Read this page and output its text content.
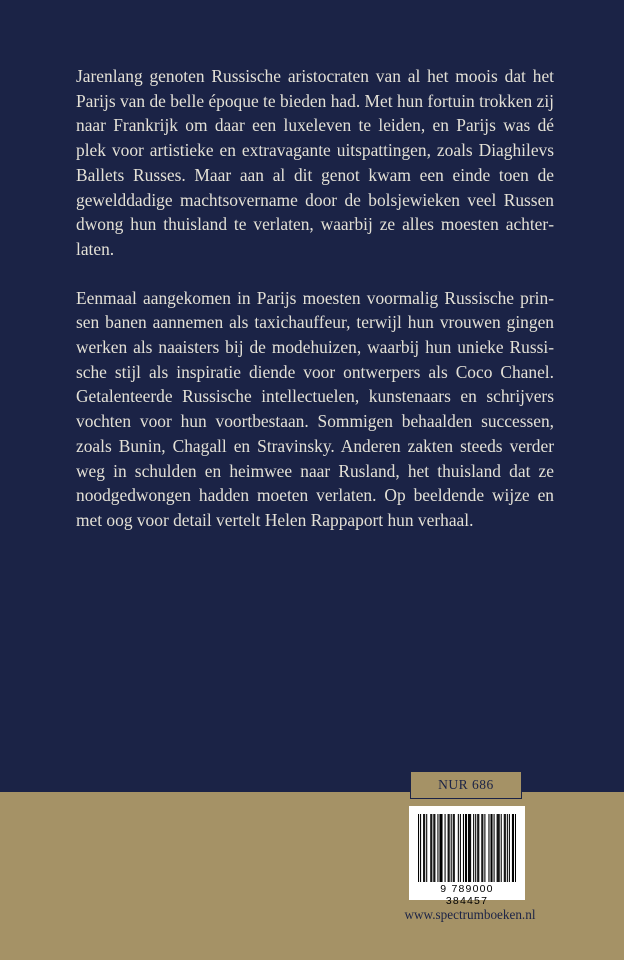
Jarenlang genoten Russische aristocraten van al het moois dat het Parijs van de belle époque te bieden had. Met hun fortuin trokken zij naar Frankrijk om daar een luxeleven te leiden, en Parijs was dé plek voor artistieke en extravagante uitspattingen, zoals Diaghilevs Ballets Russes. Maar aan al dit genot kwam een einde toen de gewelddadige machtsovername door de bolsjewieken veel Russen dwong hun thuisland te verlaten, waarbij ze alles moesten achterlaten.

Eenmaal aangekomen in Parijs moesten voormalig Russische prinsen banen aannemen als taxichauffeur, terwijl hun vrouwen gingen werken als naaisters bij de modehuizen, waarbij hun unieke Russische stijl als inspiratie diende voor ontwerpers als Coco Chanel. Getalenteerde Russische intellectuelen, kunstenaars en schrijvers vochten voor hun voortbestaan. Sommigen behaalden successen, zoals Bunin, Chagall en Stravinsky. Anderen zakten steeds verder weg in schulden en heimwee naar Rusland, het thuisland dat ze noodgedwongen hadden moeten verlaten. Op beeldende wijze en met oog voor detail vertelt Helen Rappaport hun verhaal.

NUR 686
9 789000 384457
www.spectrumboeken.nl
